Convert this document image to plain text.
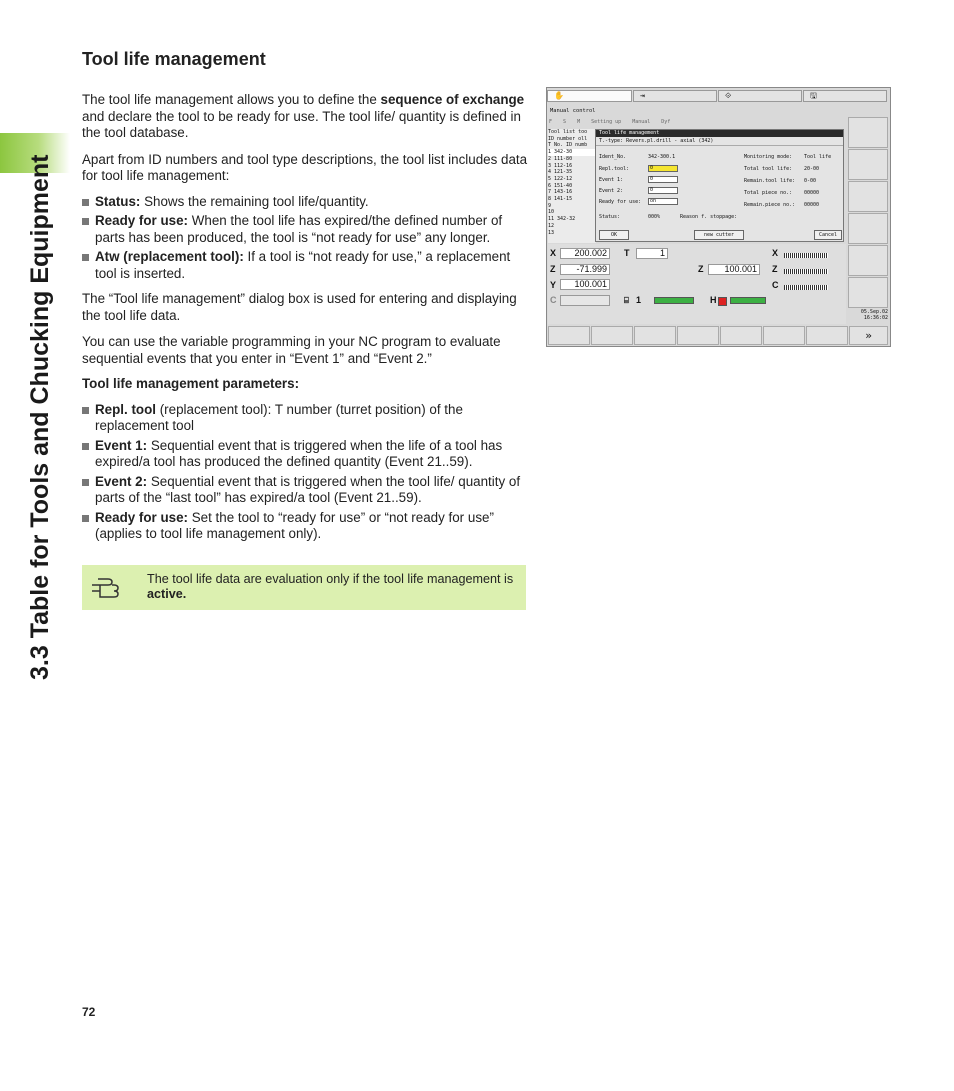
3.3 Table for Tools and Chucking Equipment
Tool life management

The tool life management allows you to define the sequence of exchange and declare the tool to be ready for use. The tool life/ quantity is defined in the tool database.

Apart from ID numbers and tool type descriptions, the tool list includes data for tool life management:

Status: Shows the remaining tool life/quantity.
Ready for use: When the tool life has expired/the defined number of parts has been produced, the tool is “not ready for use” any longer.
Atw (replacement tool): If a tool is “not ready for use,” a replacement tool is inserted.

The “Tool life management” dialog box is used for entering and displaying the tool life data.

You can use the variable programming in your NC program to evaluate sequential events that you enter in “Event 1” and “Event 2.”

Tool life management parameters:
Repl. tool (replacement tool): T number (turret position) of the replacement tool
Event 1: Sequential event that is triggered when the life of a tool has expired/a tool has produced the defined quantity (Event 21..59).
Event 2: Sequential event that is triggered when the tool life/ quantity of parts of the “last tool” has expired/a tool (Event 21..59).
Ready for use: Set the tool to “ready for use” or “not ready for use” (applies to tool life management only).
The tool life data are evaluation only if the tool life management is active.
72
✋	⇥	⟐	🖫
Manual control
F S M Setting up Manual Dyf
Tool list too
ID number oll
T No. ID numb
1 342-30
2 111-80
3 112-16
4 121-35
5 122-12
6 151-40
7 143-16
8 141-15
9
10
11 342-32
12
13
Tool life management
T.-type: Revers.pl.drill - axial (342)
Ident_No.	342-300.1
Repl.tool:	0
Event 1:	0
Event 2:	0
Ready for use:	on
Status:	000%	Reason f. stoppage:
Monitoring mode: Tool life
Total tool life: 20-00
Remain.tool life: 0-00
Total piece no.: 00000
Remain.piece no.: 00000
OK	new cutter	Cancel
X	200.002
Z	-71.999
Y	100.001
C
T	1
Z	100.001
X
Z
C
⌸ 1	H
05.Sep.02
16:36:02
»
